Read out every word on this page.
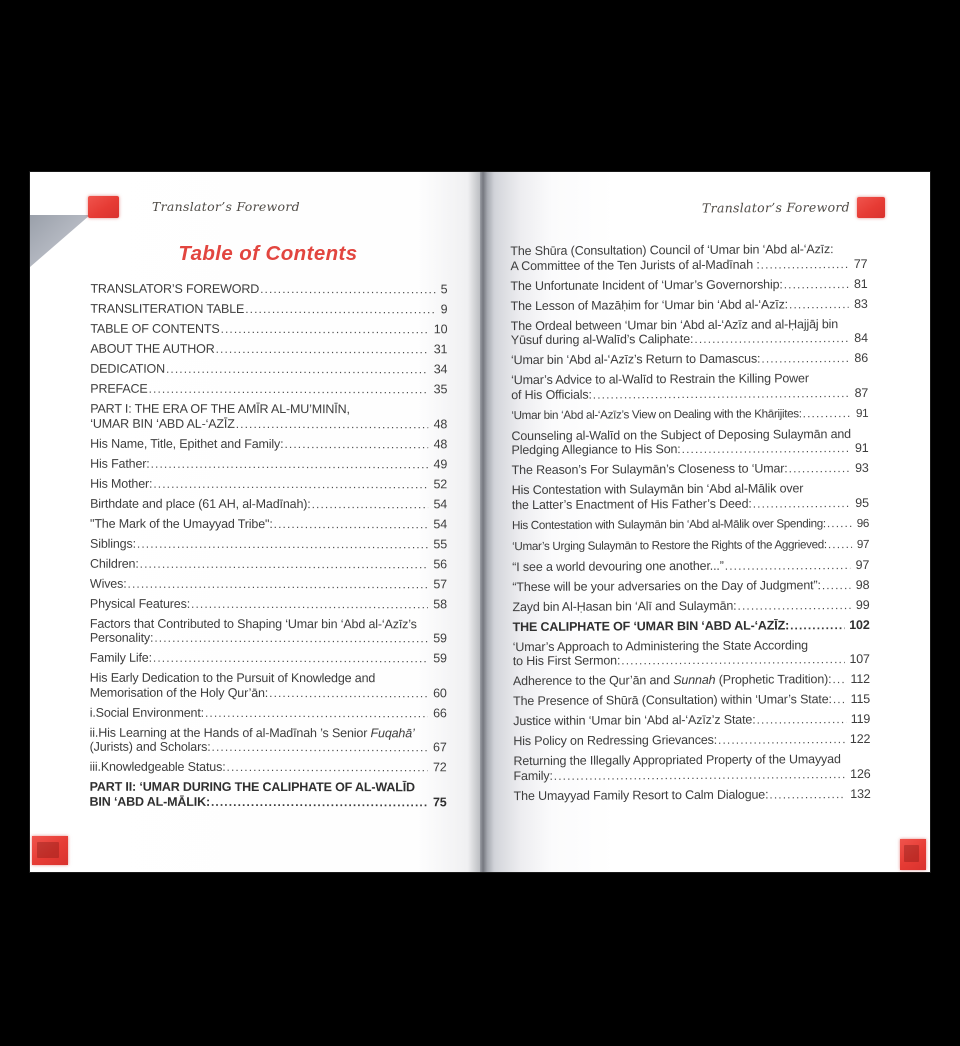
Translator’s Foreword	Translator’s Foreword
Table of Contents
TRANSLATOR’S FOREWORD .....	5
TRANSLITERATION TABLE .....	9
TABLE OF CONTENTS .....	10
ABOUT THE AUTHOR .....	31
DEDICATION .....	34
PREFACE .....	35
PART I: THE ERA OF THE AMĪR AL-MU’MINĪN,
‘UMAR BIN ‘ABD AL-‘AZĪZ .....	48
His Name, Title, Epithet and Family: .....	48
His Father: .....	49
His Mother: .....	52
Birthdate and place (61 AH, al-Madīnah): .....	54
"The Mark of the Umayyad Tribe": .....	54
Siblings: .....	55
Children: .....	56
Wives: .....	57
Physical Features: .....	58
Factors that Contributed to Shaping ‘Umar bin ‘Abd al-‘Azīz’s
Personality: .....	59
Family Life: .....	59
His Early Dedication to the Pursuit of Knowledge and
Memorisation of the Holy Qur’ān: .....	60
i.Social Environment: .....	66
ii.His Learning at the Hands of al-Madīnah ’s Senior Fuqahā’
(Jurists) and Scholars: .....	67
iii.Knowledgeable Status: .....	72
PART II: ‘UMAR DURING THE CALIPHATE OF AL-WALĪD
BIN ‘ABD AL-MĀLIK: .....	75
The Shūra (Consultation) Council of ‘Umar bin ‘Abd al-‘Azīz:
A Committee of the Ten Jurists of al-Madīnah : .....	77
The Unfortunate Incident of ‘Umar’s Governorship: .....	81
The Lesson of Mazāḥim for ‘Umar bin ‘Abd al-‘Azīz: .....	83
The Ordeal between ‘Umar bin ‘Abd al-‘Azīz and al-Ḥajjāj bin
Yūsuf during al-Walīd’s Caliphate: .....	84
‘Umar bin ‘Abd al-‘Azīz’s Return to Damascus: .....	86
‘Umar’s Advice to al-Walīd to Restrain the Killing Power
of His Officials: .....	87
‘Umar bin ‘Abd al-‘Azīz’s View on Dealing with the Khārijites: .....	91
Counseling al-Walīd on the Subject of Deposing Sulaymān and
Pledging Allegiance to His Son: .....	91
The Reason’s For Sulaymān’s Closeness to ‘Umar: .....	93
His Contestation with Sulaymān bin ‘Abd al-Mālik over
the Latter’s Enactment of His Father’s Deed: .....	95
His Contestation with Sulaymān bin ‘Abd al-Mālik over Spending: .....	96
‘Umar’s Urging Sulaymān to Restore the Rights of the Aggrieved: .....	97
“I see a world devouring one another...” .....	97
“These will be your adversaries on the Day of Judgment”: .....	98
Zayd bin Al-Ḥasan bin ‘Alī and Sulaymān: .....	99
THE CALIPHATE OF ‘UMAR BIN ‘ABD AL-‘AZĪZ: .....	102
‘Umar’s Approach to Administering the State According
to His First Sermon: .....	107
Adherence to the Qur’ān and Sunnah (Prophetic Tradition): ..... 112
The Presence of Shūrā (Consultation) within ‘Umar’s State: ..... 115
Justice within ‘Umar bin ‘Abd al-‘Azīz’z State: .....	119
His Policy on Redressing Grievances: .....	122
Returning the Illegally Appropriated Property of the Umayyad
Family: .....	126
The Umayyad Family Resort to Calm Dialogue: .....	132
